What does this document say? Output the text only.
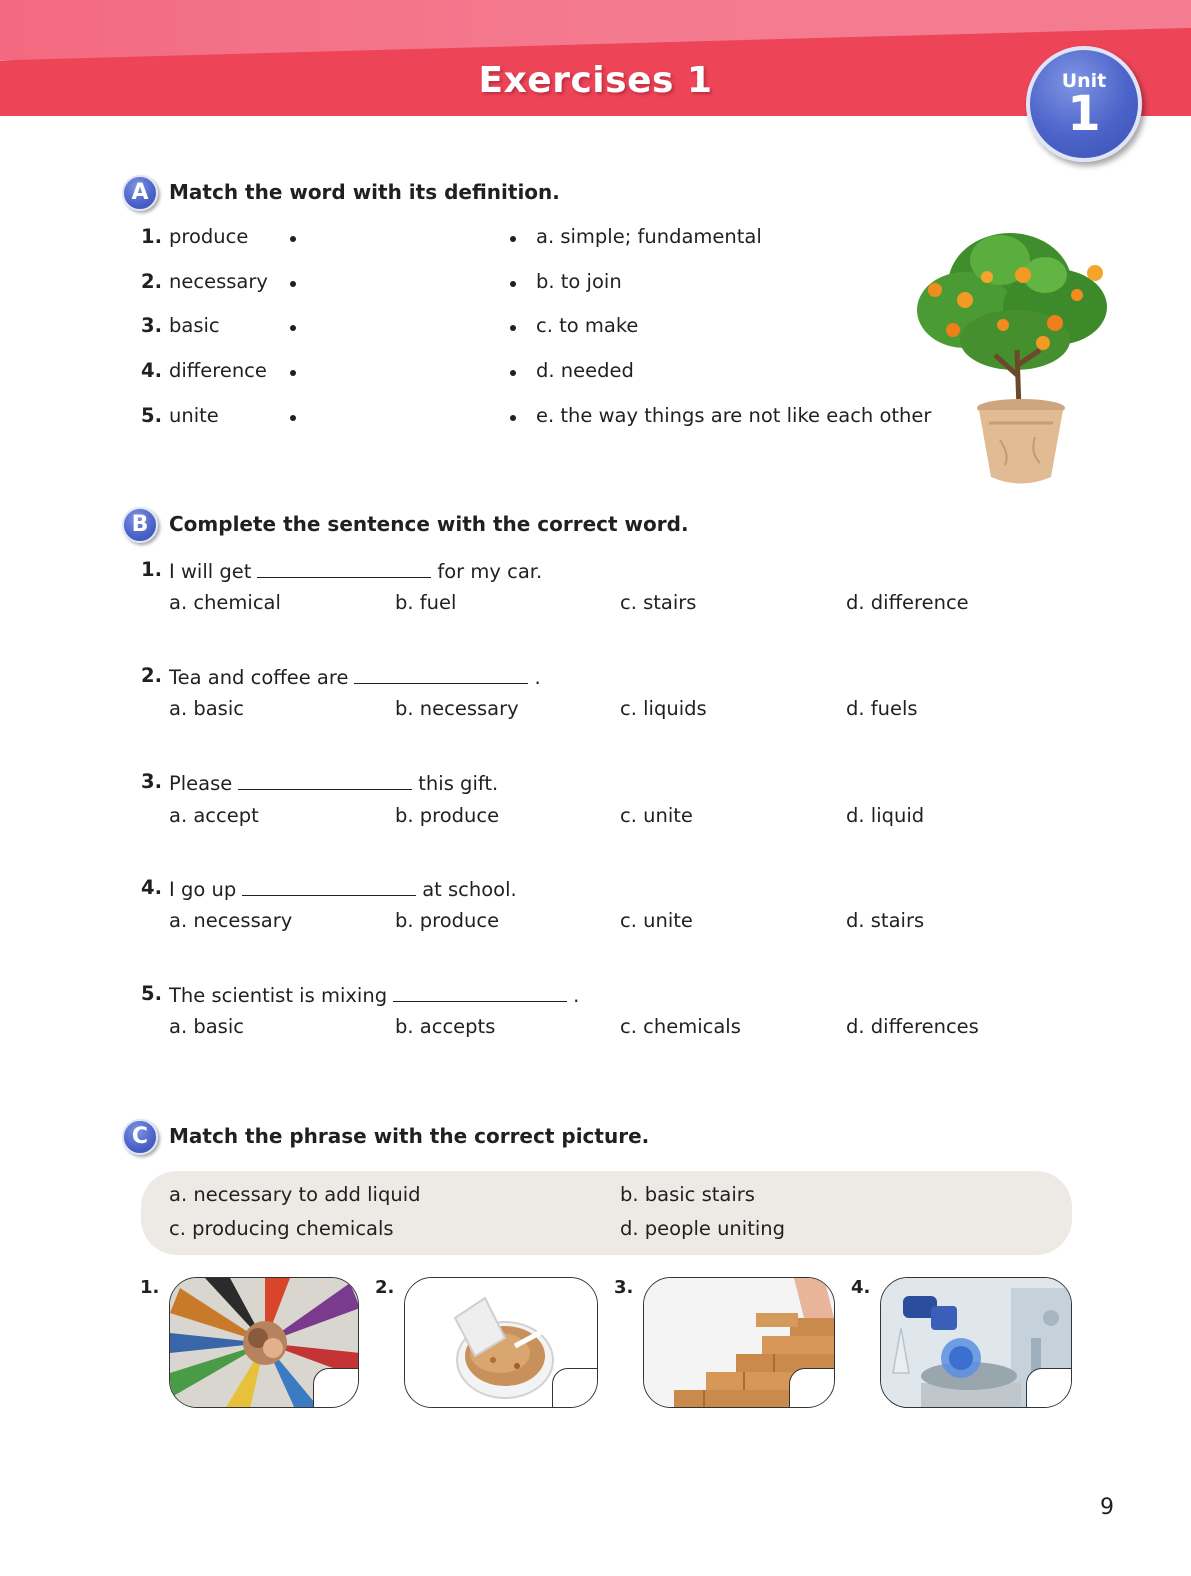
Exercises 1	Unit
1
A	Match the word with its definition.
1. produce	a. simple; fundamental
2. necessary	b. to join
3. basic	c. to make
4. difference	d. needed
5. unite	e. the way things are not like each other
B	Complete the sentence with the correct word.
1. I will get	for my car.
a. chemical	b. fuel	c. stairs	d. difference
2. Tea and coffee are	.
a. basic	b. necessary	c. liquids	d. fuels
3. Please	this gift.
a. accept	b. produce	c. unite	d. liquid
4. I go up	at school.
a. necessary	b. produce	c. unite	d. stairs
5. The scientist is mixing	.
a. basic	b. accepts	c. chemicals	d. differences
C	Match the phrase with the correct picture.
a. necessary to add liquid	b. basic stairs
c. producing chemicals	d. people uniting
1.	2.	3.	4.
9
